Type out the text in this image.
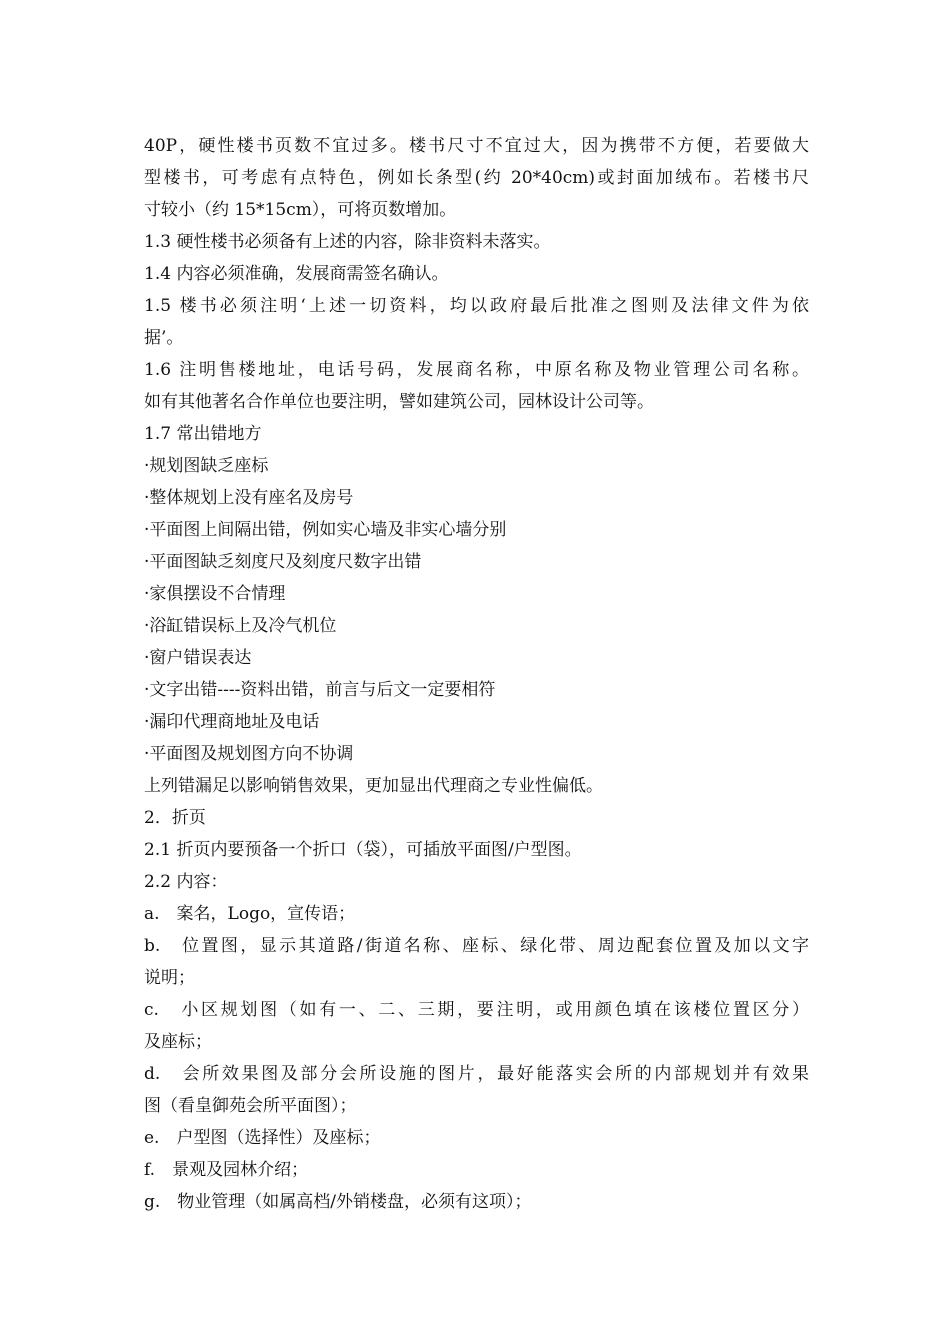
40P，硬性楼书页数不宜过多。楼书尺寸不宜过大，因为携带不方便，若要做大
型楼书，可考虑有点特色，例如长条型(约 20*40cm)或封面加绒布。若楼书尺
寸较小（约 15*15cm），可将页数增加。
1.3 硬性楼书必须备有上述的内容，除非资料未落实。
1.4 内容必须准确，发展商需签名确认。
1.5 楼书必须注明‘上述一切资料，均以政府最后批准之图则及法律文件为依
据’。
1.6 注明售楼地址，电话号码，发展商名称，中原名称及物业管理公司名称。
如有其他著名合作单位也要注明，譬如建筑公司，园林设计公司等。
1.7 常出错地方
·规划图缺乏座标
·整体规划上没有座名及房号
·平面图上间隔出错，例如实心墙及非实心墙分别
·平面图缺乏刻度尺及刻度尺数字出错
·家俱摆设不合情理
·浴缸错误标上及冷气机位
·窗户错误表达
·文字出错----资料出错，前言与后文一定要相符
·漏印代理商地址及电话
·平面图及规划图方向不协调
上列错漏足以影响销售效果，更加显出代理商之专业性偏低。
2．折页
2.1 折页内要预备一个折口（袋），可插放平面图/户型图。
2.2 内容：
a.　案名，Logo，宣传语；
b.　位置图，显示其道路/街道名称、座标、绿化带、周边配套位置及加以文字
说明；
c.　小区规划图（如有一、二、三期，要注明，或用颜色填在该楼位置区分）
及座标；
d.　会所效果图及部分会所设施的图片，最好能落实会所的内部规划并有效果
图（看皇御苑会所平面图）；
e.　户型图（选择性）及座标；
f.　景观及园林介绍；
g.　物业管理（如属高档/外销楼盘，必须有这项）；
